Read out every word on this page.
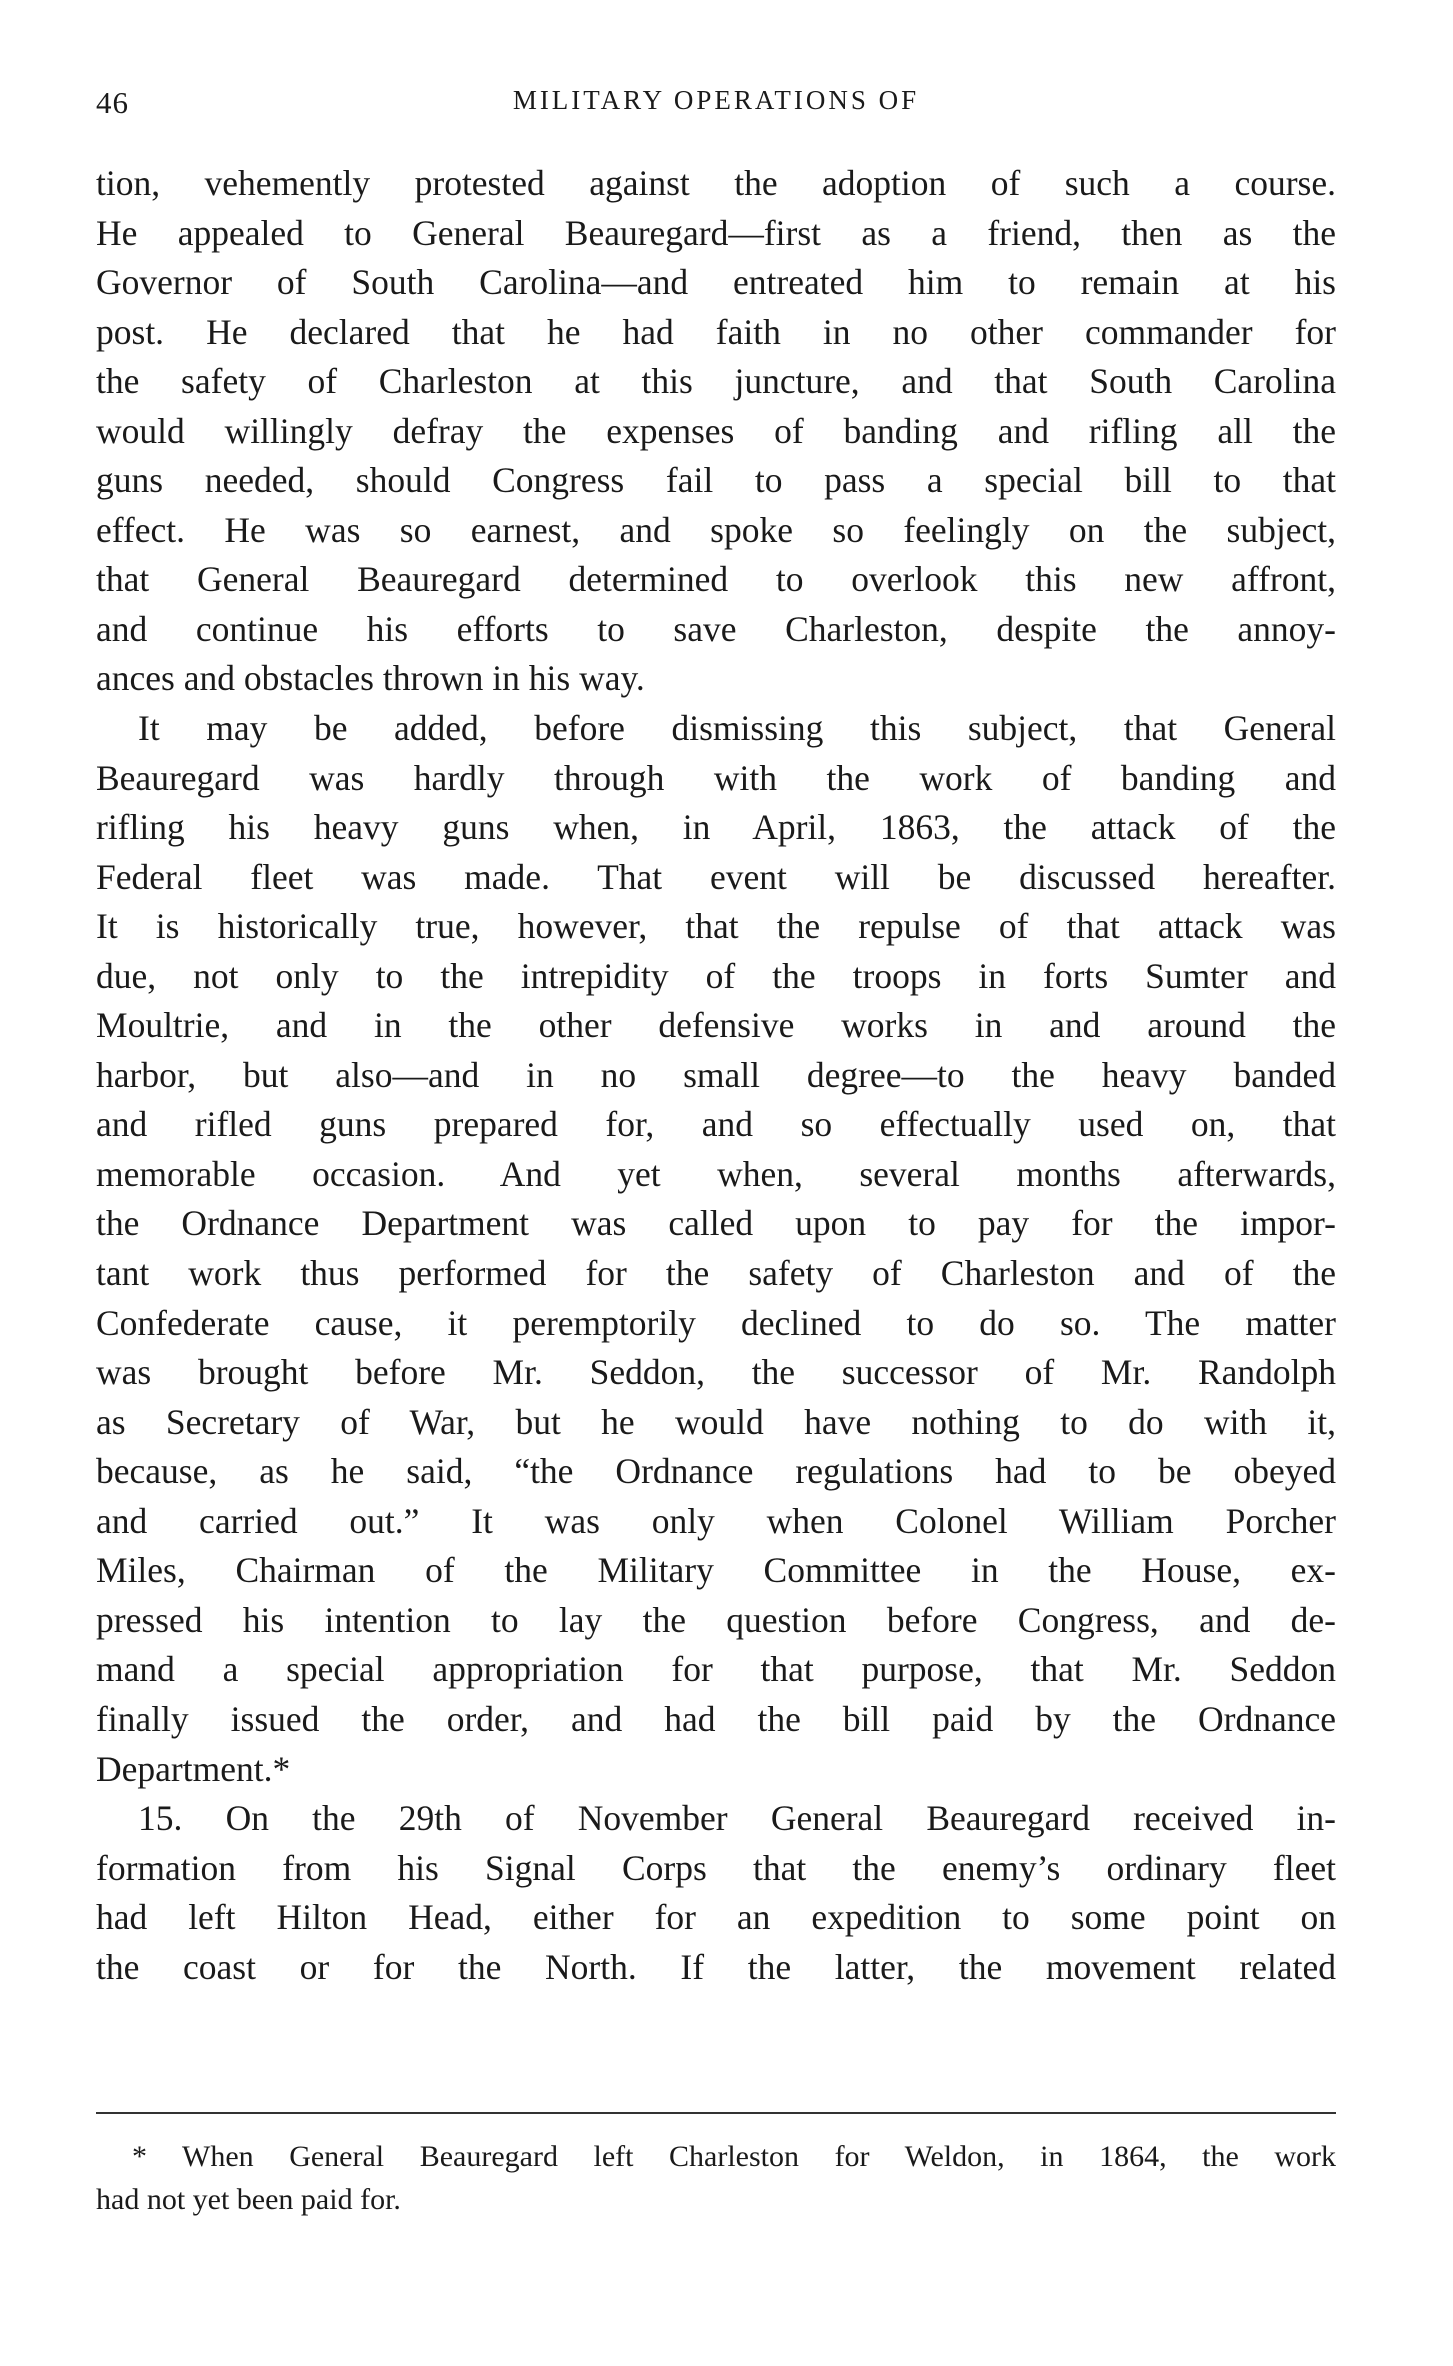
46	MILITARY OPERATIONS OF
tion, vehemently protested against the adoption of such a course.
He appealed to General Beauregard—first as a friend, then as the
Governor of South Carolina—and entreated him to remain at his
post. He declared that he had faith in no other commander for
the safety of Charleston at this juncture, and that South Carolina
would willingly defray the expenses of banding and rifling all the
guns needed, should Congress fail to pass a special bill to that
effect. He was so earnest, and spoke so feelingly on the subject,
that General Beauregard determined to overlook this new affront,
and continue his efforts to save Charleston, despite the annoy-
ances and obstacles thrown in his way.
It may be added, before dismissing this subject, that General
Beauregard was hardly through with the work of banding and
rifling his heavy guns when, in April, 1863, the attack of the
Federal fleet was made. That event will be discussed hereafter.
It is historically true, however, that the repulse of that attack was
due, not only to the intrepidity of the troops in forts Sumter and
Moultrie, and in the other defensive works in and around the
harbor, but also—and in no small degree—to the heavy banded
and rifled guns prepared for, and so effectually used on, that
memorable occasion. And yet when, several months afterwards,
the Ordnance Department was called upon to pay for the impor-
tant work thus performed for the safety of Charleston and of the
Confederate cause, it peremptorily declined to do so. The matter
was brought before Mr. Seddon, the successor of Mr. Randolph
as Secretary of War, but he would have nothing to do with it,
because, as he said, “the Ordnance regulations had to be obeyed
and carried out.” It was only when Colonel William Porcher
Miles, Chairman of the Military Committee in the House, ex-
pressed his intention to lay the question before Congress, and de-
mand a special appropriation for that purpose, that Mr. Seddon
finally issued the order, and had the bill paid by the Ordnance
Department.*
15. On the 29th of November General Beauregard received in-
formation from his Signal Corps that the enemy’s ordinary fleet
had left Hilton Head, either for an expedition to some point on
the coast or for the North. If the latter, the movement related
* When General Beauregard left Charleston for Weldon, in 1864, the work
had not yet been paid for.
